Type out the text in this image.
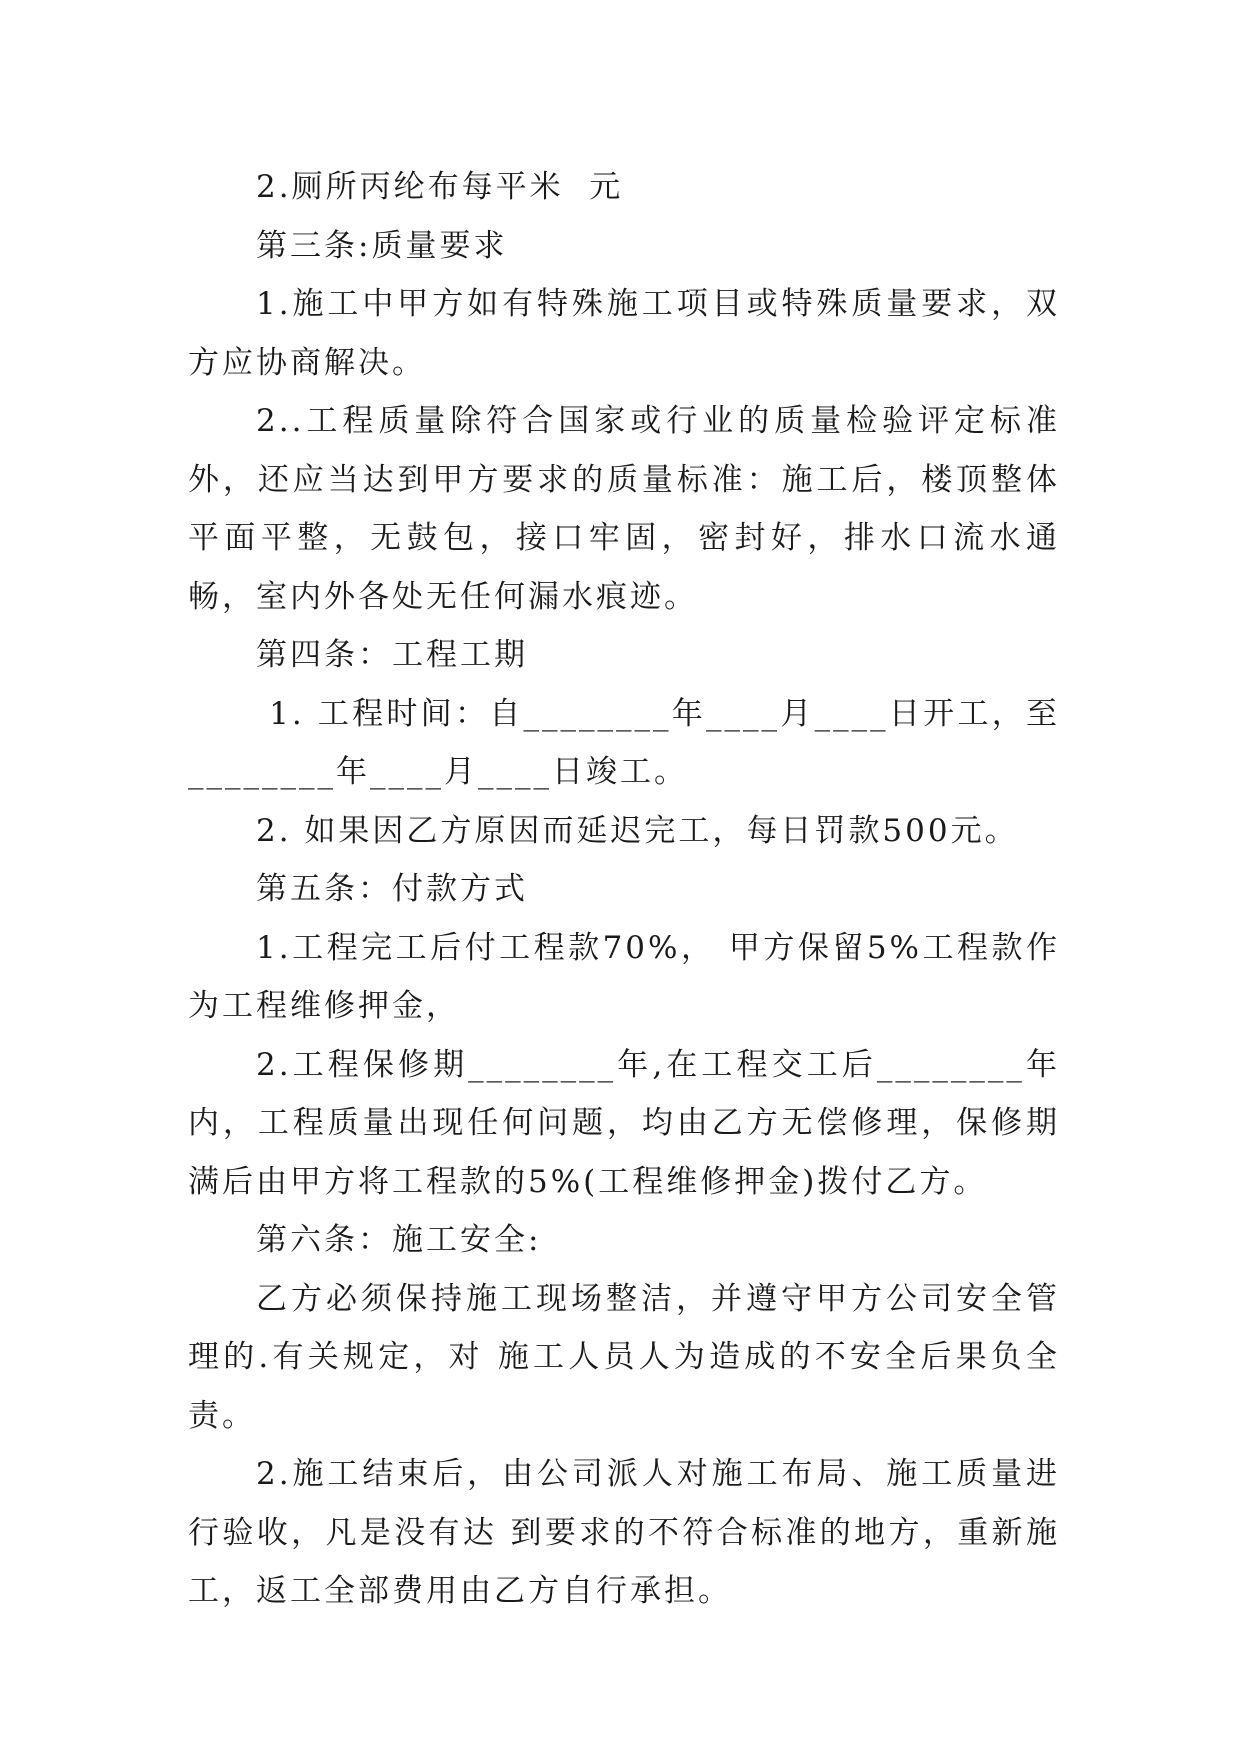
2.厕所丙纶布每平米  元

第三条:质量要求

1.施工中甲方如有特殊施工项目或特殊质量要求，双方应协商解决。

2..工程质量除符合国家或行业的质量检验评定标准外，还应当达到甲方要求的质量标准：施工后，楼顶整体平面平整，无鼓包，接口牢固，密封好，排水口流水通畅，室内外各处无任何漏水痕迹。

第四条：工程工期

1. 工程时间：自________年____月____日开工，至________年____月____日竣工。

2. 如果因乙方原因而延迟完工，每日罚款500元。

第五条：付款方式

1.工程完工后付工程款70%， 甲方保留5%工程款作为工程维修押金，

2.工程保修期________年,在工程交工后________年内，工程质量出现任何问题，均由乙方无偿修理，保修期满后由甲方将工程款的5%(工程维修押金)拨付乙方。

第六条：施工安全:

乙方必须保持施工现场整洁，并遵守甲方公司安全管理的.有关规定，对 施工人员人为造成的不安全后果负全责。

2.施工结束后，由公司派人对施工布局、施工质量进行验收，凡是没有达 到要求的不符合标准的地方，重新施工，返工全部费用由乙方自行承担。
